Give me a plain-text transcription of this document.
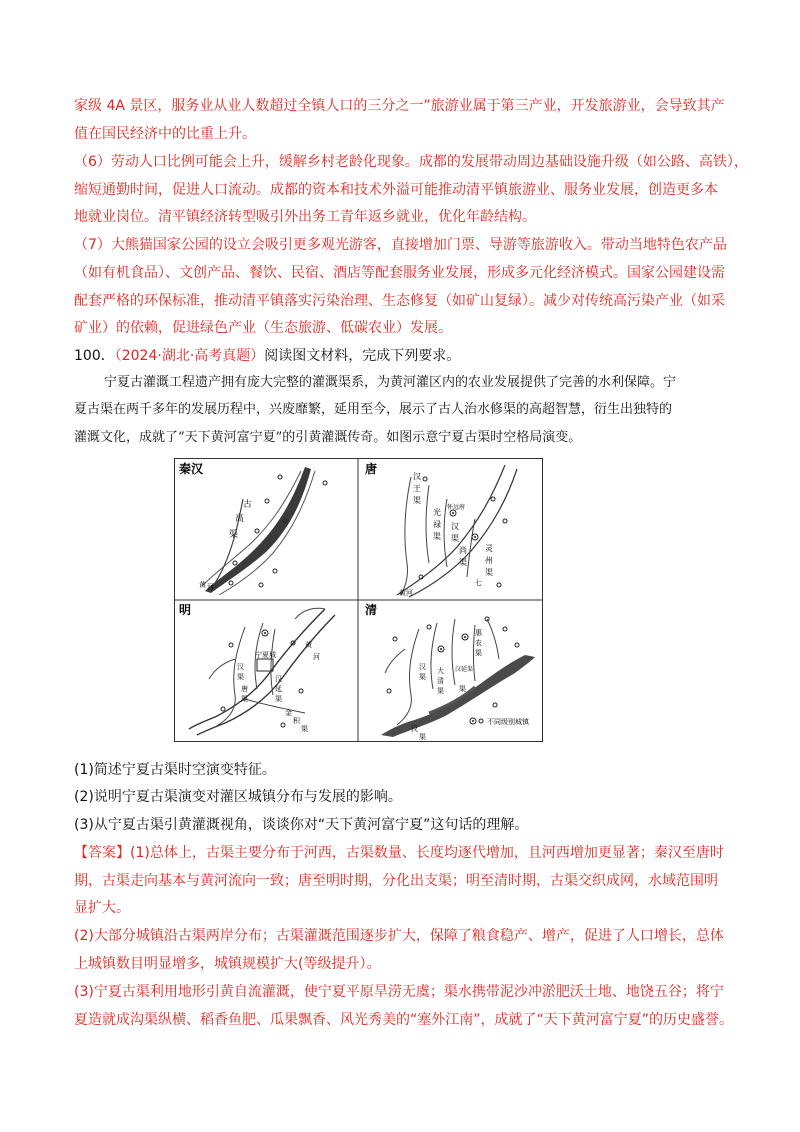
家级 4A 景区，服务业从业人数超过全镇人口的三分之一”旅游业属于第三产业，开发旅游业，会导致其产
值在国民经济中的比重上升。
（6）劳动人口比例可能会上升，缓解乡村老龄化现象。成都的发展带动周边基础设施升级（如公路、高铁），
缩短通勤时间，促进人口流动。成都的资本和技术外溢可能推动清平镇旅游业、服务业发展，创造更多本
地就业岗位。清平镇经济转型吸引外出务工青年返乡就业，优化年龄结构。
（7）大熊猫国家公园的设立会吸引更多观光游客，直接增加门票、导游等旅游收入。带动当地特色农产品
（如有机食品）、文创产品、餐饮、民宿、酒店等配套服务业发展，形成多元化经济模式。国家公园建设需
配套严格的环保标准，推动清平镇落实污染治理、生态修复（如矿山复绿）。减少对传统高污染产业（如采
矿业）的依赖，促进绿色产业（生态旅游、低碳农业）发展。
100．（2024·湖北·高考真题）阅读图文材料，完成下列要求。
宁夏古灌溉工程遗产拥有庞大完整的灌溉渠系，为黄河灌区内的农业发展提供了完善的水利保障。宁
夏古渠在两千多年的发展历程中，兴废靡繁，延用至今，展示了古人治水修渠的高超智慧，衍生出独特的
灌溉文化，成就了“天下黄河富宁夏”的引黄灌溉传奇。如图示意宁夏古渠时空格局演变。
秦汉
古
高
渠
黄 河
唐
汉
王
渠
光
禄
渠
汉
渠
尚
渠
灵
州
渠
怀远府
七
黄河
明
宁夏城
汉
渠
唐
渠
汉
延
渠
黄
河
金
积
渠
清
惠
农
渠
汉
渠
大
清
渠 渠
汉延渠
汉
渠
不同级别城镇
(1)简述宁夏古渠时空演变特征。
(2)说明宁夏古渠演变对灌区城镇分布与发展的影响。
(3)从宁夏古渠引黄灌溉视角，谈谈你对“天下黄河富宁夏”这句话的理解。
【答案】(1)总体上，古渠主要分布于河西，古渠数量、长度均逐代增加，且河西增加更显著；秦汉至唐时
期，古渠走向基本与黄河流向一致；唐至明时期，分化出支渠；明至清时期，古渠交织成网，水域范围明
显扩大。
(2)大部分城镇沿古渠两岸分布；古渠灌溉范围逐步扩大，保障了粮食稳产、增产，促进了人口增长，总体
上城镇数目明显增多，城镇规模扩大(等级提升）。
(3)宁夏古渠利用地形引黄自流灌溉，使宁夏平原旱涝无虞；渠水携带泥沙冲淤肥沃土地、地饶五谷；将宁
夏造就成沟渠纵横、稻香鱼肥、瓜果飘香、风光秀美的“塞外江南”，成就了“天下黄河富宁夏”的历史盛誉。
